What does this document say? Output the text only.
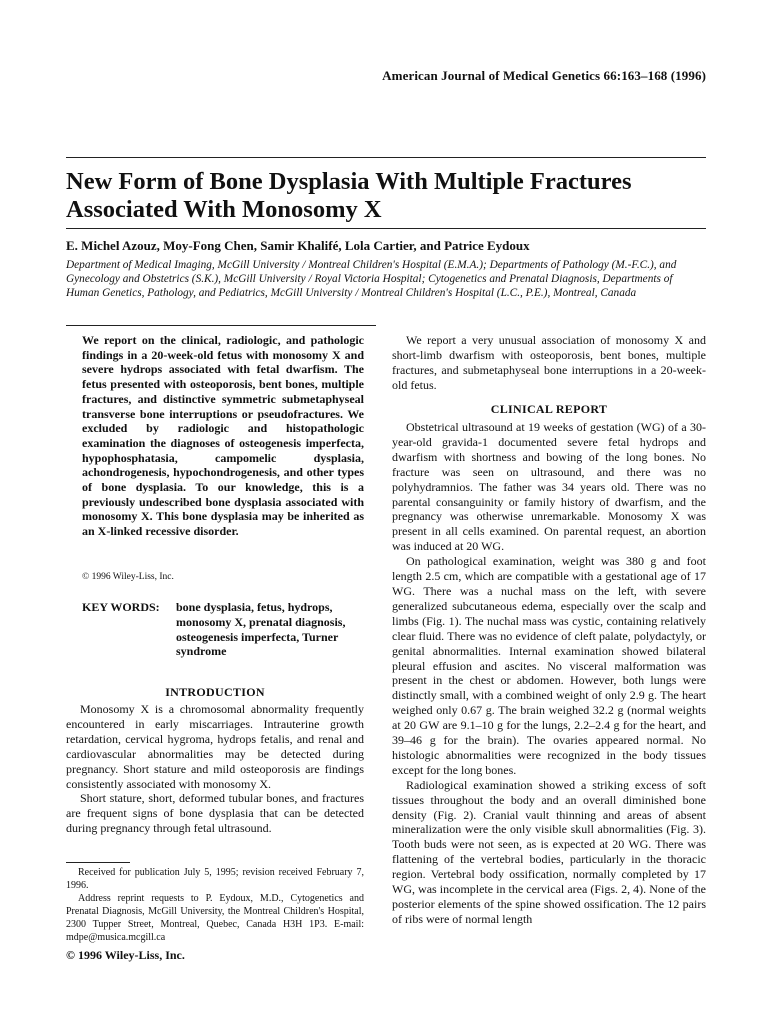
American Journal of Medical Genetics 66:163–168 (1996)
New Form of Bone Dysplasia With Multiple Fractures Associated With Monosomy X
E. Michel Azouz, Moy-Fong Chen, Samir Khalifé, Lola Cartier, and Patrice Eydoux
Department of Medical Imaging, McGill University / Montreal Children's Hospital (E.M.A.); Departments of Pathology (M.-F.C.), and Gynecology and Obstetrics (S.K.), McGill University / Royal Victoria Hospital; Cytogenetics and Prenatal Diagnosis, Departments of Human Genetics, Pathology, and Pediatrics, McGill University / Montreal Children's Hospital (L.C., P.E.), Montreal, Canada
We report on the clinical, radiologic, and pathologic findings in a 20-week-old fetus with monosomy X and severe hydrops associated with fetal dwarfism. The fetus presented with osteoporosis, bent bones, multiple fractures, and distinctive symmetric submetaphyseal transverse bone interruptions or pseudofractures. We excluded by radiologic and histopathologic examination the diagnoses of osteogenesis imperfecta, hypophosphatasia, campomelic dysplasia, achondrogenesis, hypochondrogenesis, and other types of bone dysplasia. To our knowledge, this is a previously undescribed bone dysplasia associated with monosomy X. This bone dysplasia may be inherited as an X-linked recessive disorder.
© 1996 Wiley-Liss, Inc.
KEY WORDS: bone dysplasia, fetus, hydrops, monosomy X, prenatal diagnosis, osteogenesis imperfecta, Turner syndrome
INTRODUCTION

Monosomy X is a chromosomal abnormality frequently encountered in early miscarriages. Intrauterine growth retardation, cervical hygroma, hydrops fetalis, and renal and cardiovascular abnormalities may be detected during pregnancy. Short stature and mild osteoporosis are findings consistently associated with monosomy X.

Short stature, short, deformed tubular bones, and fractures are frequent signs of bone dysplasia that can be detected during pregnancy through fetal ultrasound.

Received for publication July 5, 1995; revision received February 7, 1996.

Address reprint requests to P. Eydoux, M.D., Cytogenetics and Prenatal Diagnosis, McGill University, the Montreal Children's Hospital, 2300 Tupper Street, Montreal, Quebec, Canada H3H 1P3. E-mail: mdpe@musica.mcgill.ca

© 1996 Wiley-Liss, Inc.

We report a very unusual association of monosomy X and short-limb dwarfism with osteoporosis, bent bones, multiple fractures, and submetaphyseal bone interruptions in a 20-week-old fetus.

CLINICAL REPORT

Obstetrical ultrasound at 19 weeks of gestation (WG) of a 30-year-old gravida-1 documented severe fetal hydrops and dwarfism with shortness and bowing of the long bones. No fracture was seen on ultrasound, and there was no polyhydramnios. The father was 34 years old. There was no parental consanguinity or family history of dwarfism, and the pregnancy was otherwise unremarkable. Monosomy X was present in all cells examined. On parental request, an abortion was induced at 20 WG.

On pathological examination, weight was 380 g and foot length 2.5 cm, which are compatible with a gestational age of 17 WG. There was a nuchal mass on the left, with severe generalized subcutaneous edema, especially over the scalp and limbs (Fig. 1). The nuchal mass was cystic, containing relatively clear fluid. There was no evidence of cleft palate, polydactyly, or genital abnormalities. Internal examination showed bilateral pleural effusion and ascites. No visceral malformation was present in the chest or abdomen. However, both lungs were distinctly small, with a combined weight of only 2.9 g. The heart weighed only 0.67 g. The brain weighed 32.2 g (normal weights at 20 GW are 9.1–10 g for the lungs, 2.2–2.4 g for the heart, and 39–46 g for the brain). The ovaries appeared normal. No histologic abnormalities were recognized in the body tissues except for the long bones.

Radiological examination showed a striking excess of soft tissues throughout the body and an overall diminished bone density (Fig. 2). Cranial vault thinning and areas of absent mineralization were the only visible skull abnormalities (Fig. 3). Tooth buds were not seen, as is expected at 20 WG. There was flattening of the vertebral bodies, particularly in the thoracic region. Vertebral body ossification, normally completed by 17 WG, was incomplete in the cervical area (Figs. 2, 4). None of the posterior elements of the spine showed ossification. The 12 pairs of ribs were of normal length
